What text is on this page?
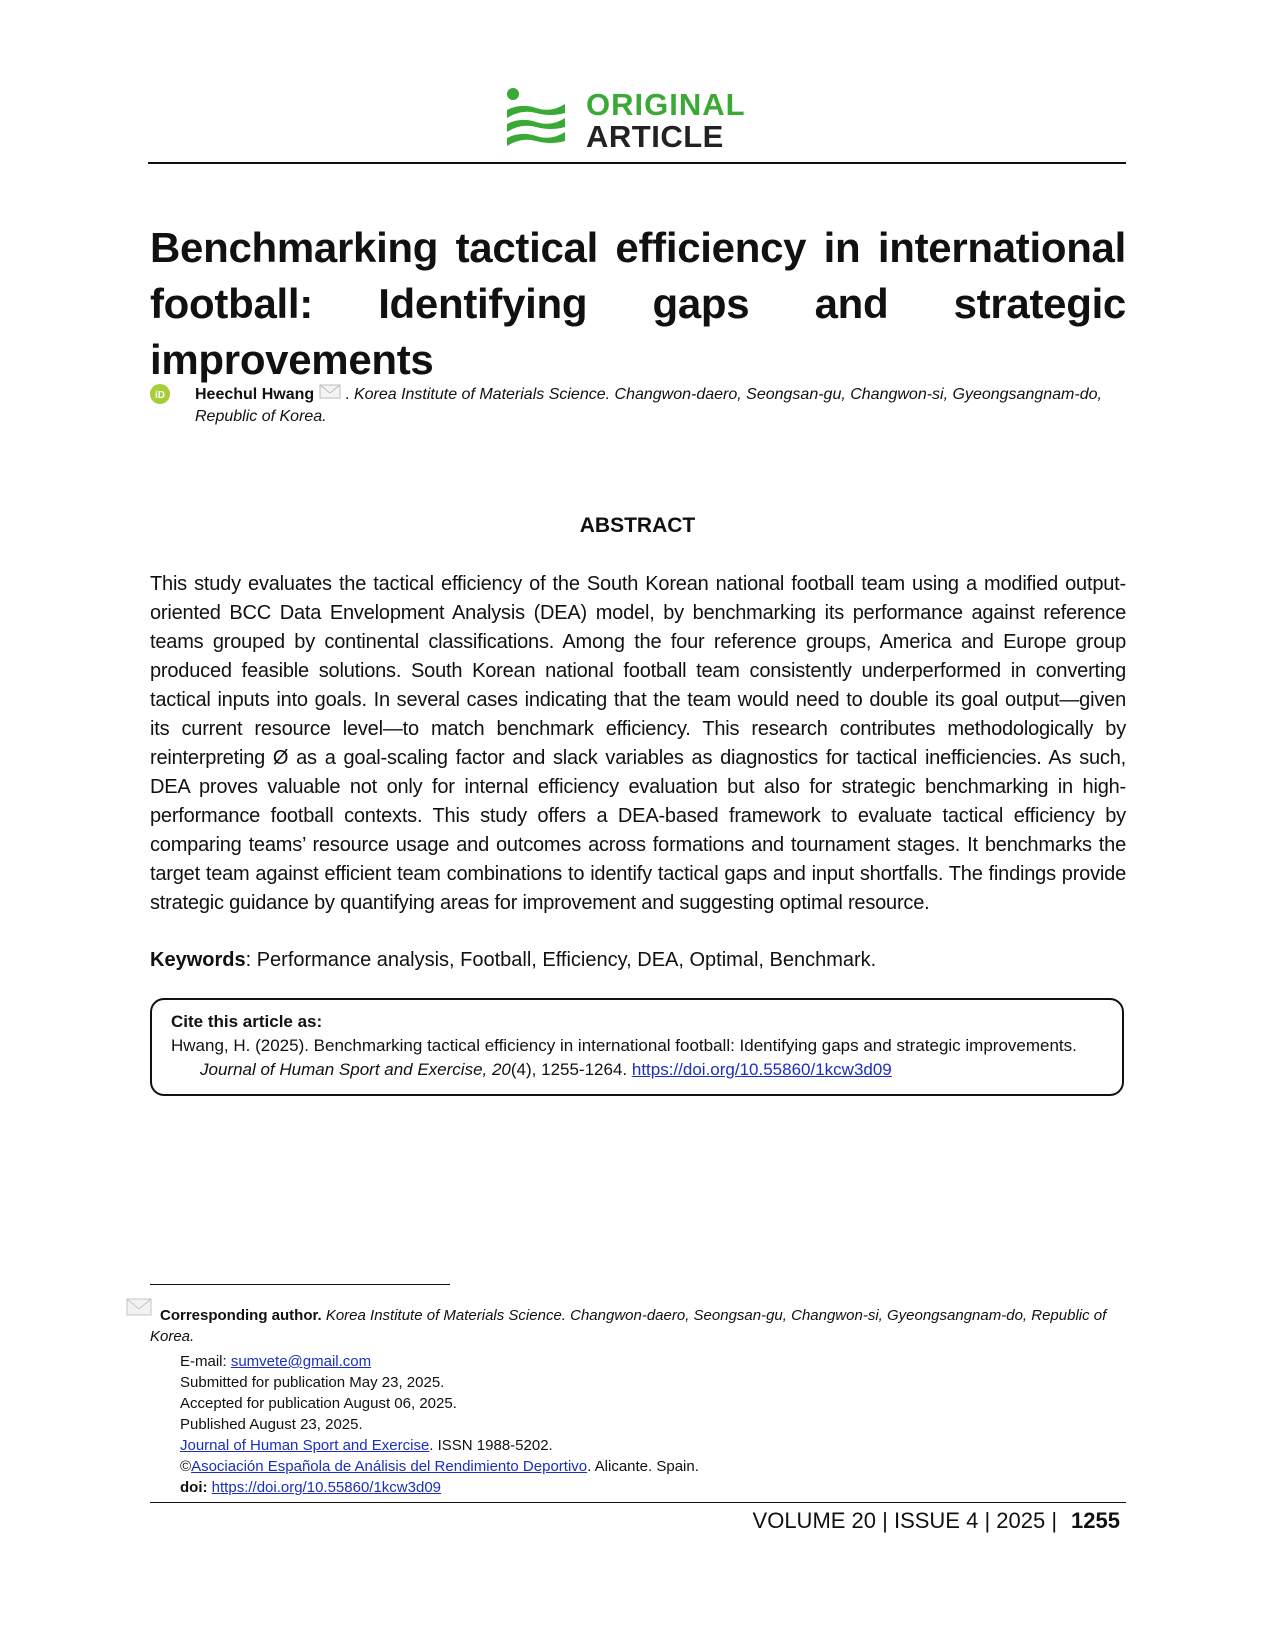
ORIGINAL
ARTICLE
Benchmarking tactical efficiency in international football: Identifying gaps and strategic improvements
iD Heechul Hwang  . Korea Institute of Materials Science. Changwon-daero, Seongsan-gu, Changwon-si, Gyeongsangnam-do, Republic of Korea.
ABSTRACT
This study evaluates the tactical efficiency of the South Korean national football team using a modified output-oriented BCC Data Envelopment Analysis (DEA) model, by benchmarking its performance against reference teams grouped by continental classifications. Among the four reference groups, America and Europe group produced feasible solutions. South Korean national football team consistently underperformed in converting tactical inputs into goals. In several cases indicating that the team would need to double its goal output—given its current resource level—to match benchmark efficiency. This research contributes methodologically by reinterpreting Ø as a goal-scaling factor and slack variables as diagnostics for tactical inefficiencies. As such, DEA proves valuable not only for internal efficiency evaluation but also for strategic benchmarking in high-performance football contexts. This study offers a DEA-based framework to evaluate tactical efficiency by comparing teams’ resource usage and outcomes across formations and tournament stages. It benchmarks the target team against efficient team combinations to identify tactical gaps and input shortfalls. The findings provide strategic guidance by quantifying areas for improvement and suggesting optimal resource.
Keywords: Performance analysis, Football, Efficiency, DEA, Optimal, Benchmark.
Cite this article as:
Hwang, H. (2025). Benchmarking tactical efficiency in international football: Identifying gaps and strategic improvements.
Journal of Human Sport and Exercise, 20(4), 1255-1264. https://doi.org/10.55860/1kcw3d09
Corresponding author. Korea Institute of Materials Science. Changwon-daero, Seongsan-gu, Changwon-si, Gyeongsangnam-do, Republic of
Korea.
E-mail: sumvete@gmail.com
Submitted for publication May 23, 2025.
Accepted for publication August 06, 2025.
Published August 23, 2025.
Journal of Human Sport and Exercise. ISSN 1988-5202.
©Asociación Española de Análisis del Rendimiento Deportivo. Alicante. Spain.
doi: https://doi.org/10.55860/1kcw3d09
VOLUME 20 | ISSUE 4 | 2025 | 1255
